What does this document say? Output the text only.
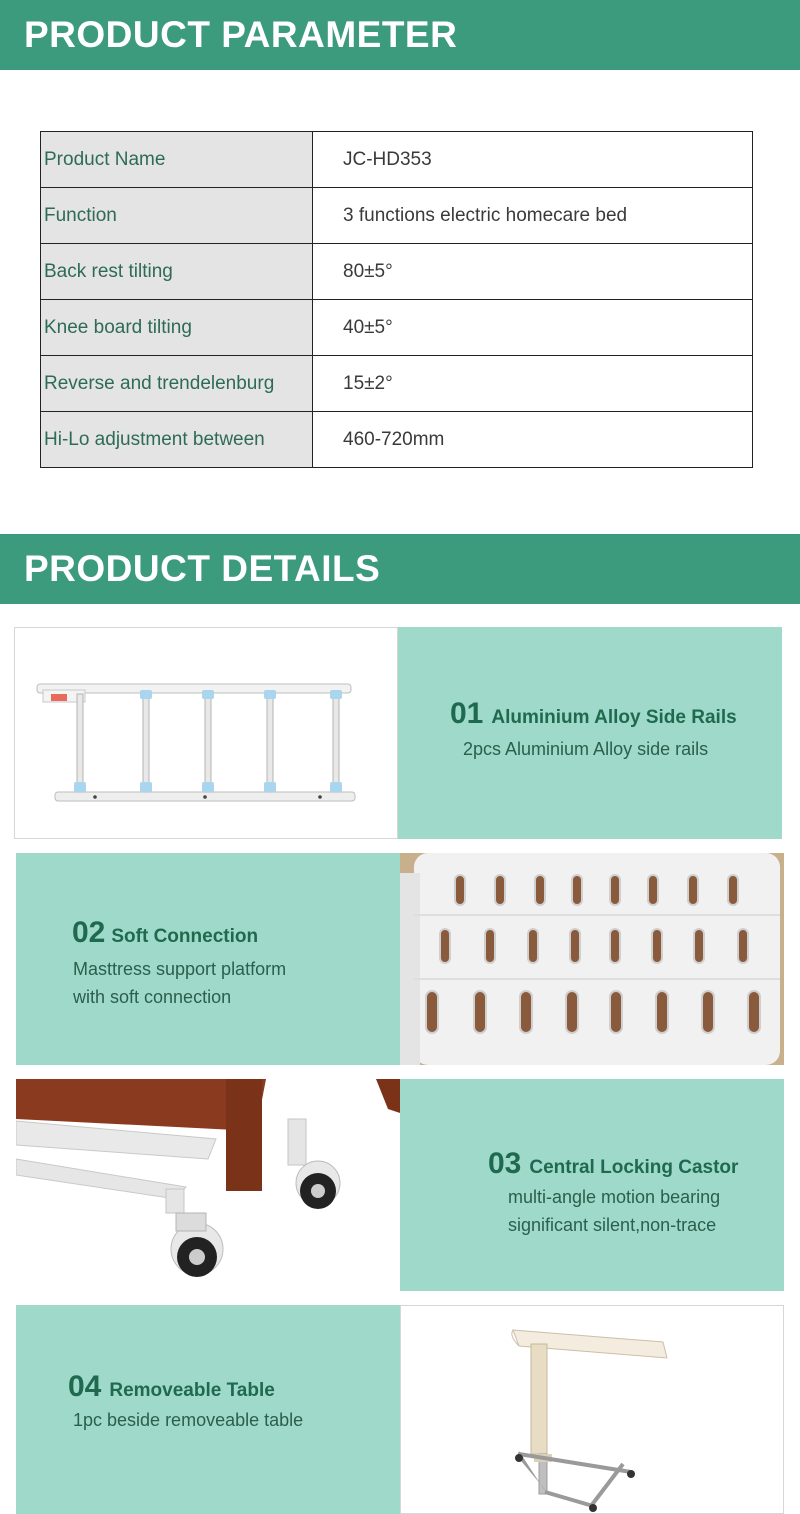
PRODUCT PARAMETER
Product Name	JC-HD353
Function	3 functions electric homecare bed
Back rest tilting	80±5°
Knee board tilting	40±5°
Reverse and trendelenburg	15±2°
Hi-Lo adjustment between	460-720mm
PRODUCT DETAILS
01 Aluminium Alloy Side Rails
2pcs Aluminium Alloy side rails
02 Soft Connection
Masttress support platform
with soft connection
03 Central Locking Castor
multi-angle motion bearing
significant silent,non-trace
04 Removeable Table
1pc beside removeable table
